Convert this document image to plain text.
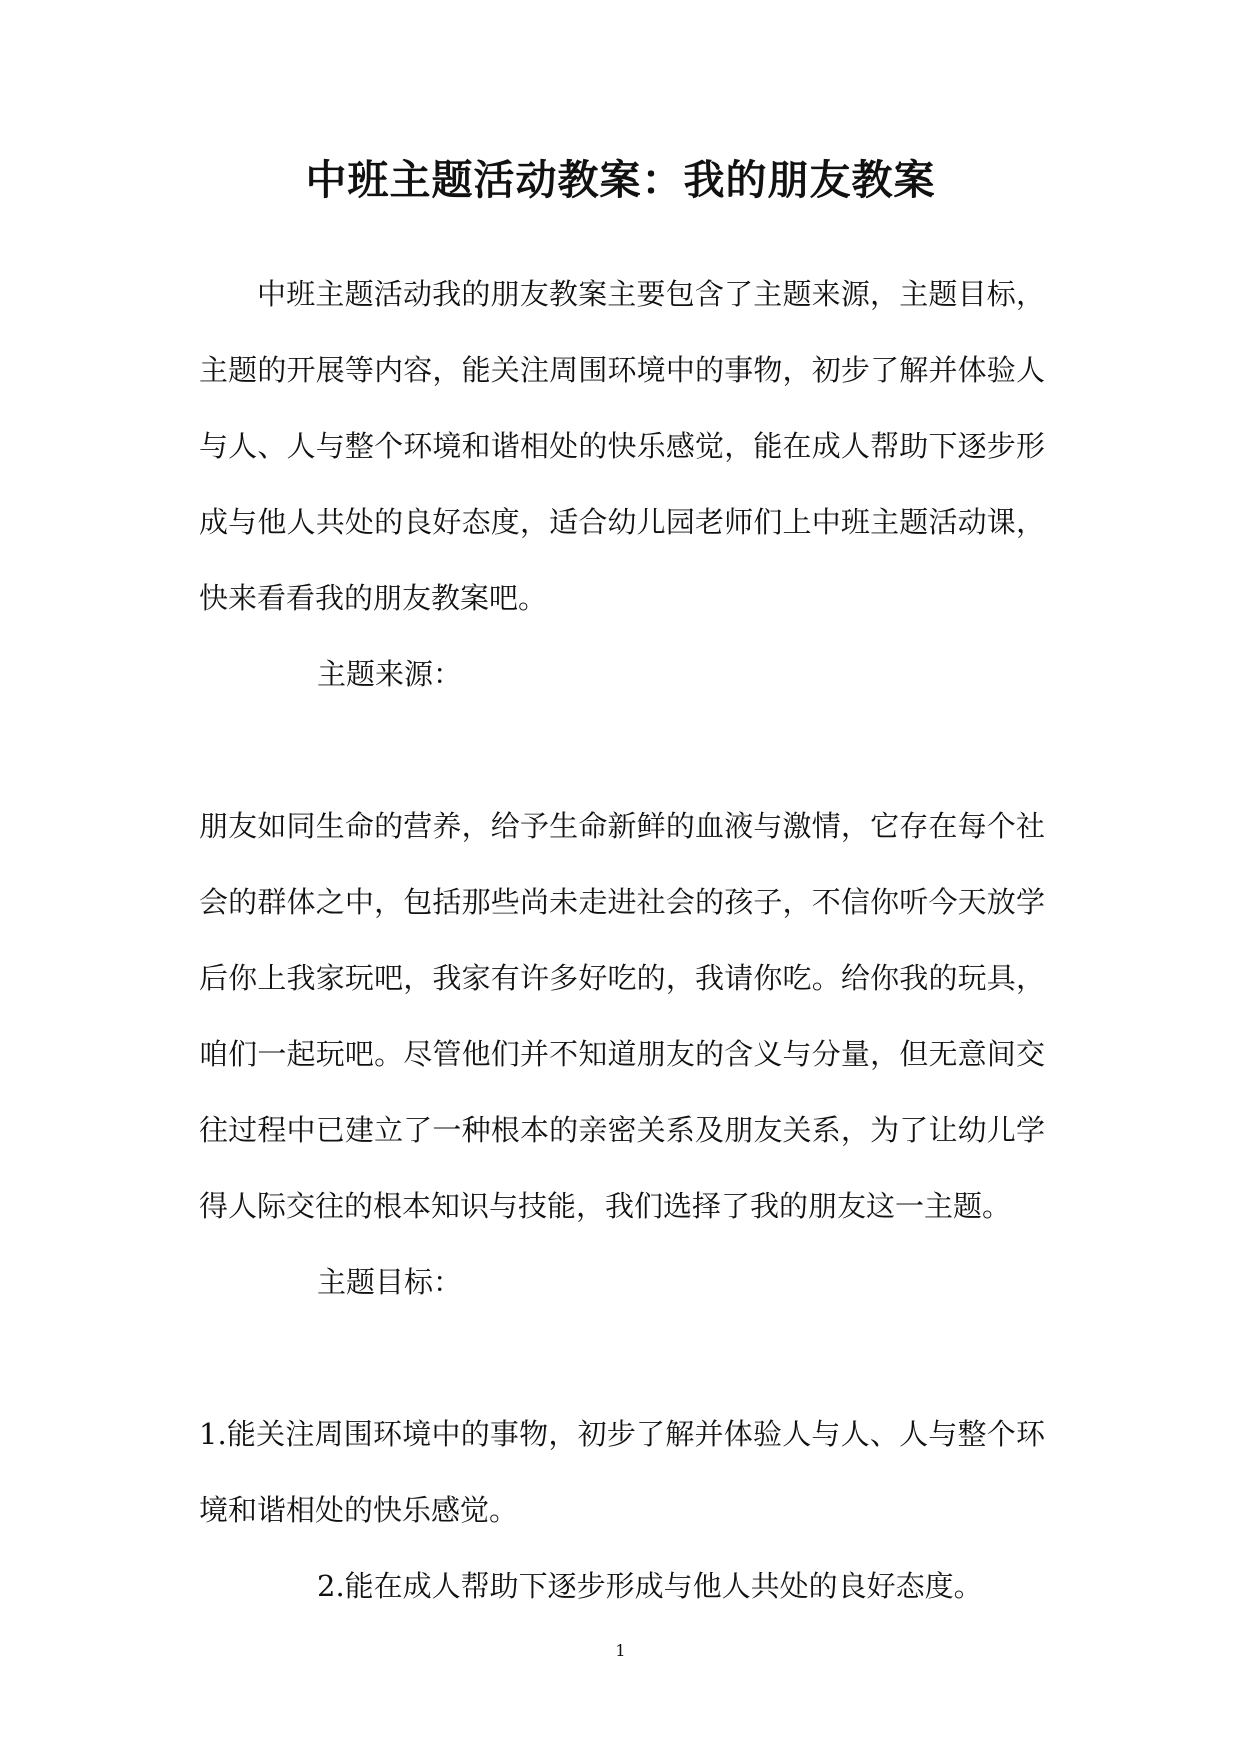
中班主题活动教案：我的朋友教案

中班主题活动我的朋友教案主要包含了主题来源，主题目标，主题的开展等内容，能关注周围环境中的事物，初步了解并体验人与人、人与整个环境和谐相处的快乐感觉，能在成人帮助下逐步形成与他人共处的良好态度，适合幼儿园老师们上中班主题活动课，快来看看我的朋友教案吧。

主题来源：

朋友如同生命的营养，给予生命新鲜的血液与激情，它存在每个社会的群体之中，包括那些尚未走进社会的孩子，不信你听今天放学后你上我家玩吧，我家有许多好吃的，我请你吃。给你我的玩具，咱们一起玩吧。尽管他们并不知道朋友的含义与分量，但无意间交往过程中已建立了一种根本的亲密关系及朋友关系，为了让幼儿学得人际交往的根本知识与技能，我们选择了我的朋友这一主题。

主题目标：

1.能关注周围环境中的事物，初步了解并体验人与人、人与整个环境和谐相处的快乐感觉。

2.能在成人帮助下逐步形成与他人共处的良好态度。

1
